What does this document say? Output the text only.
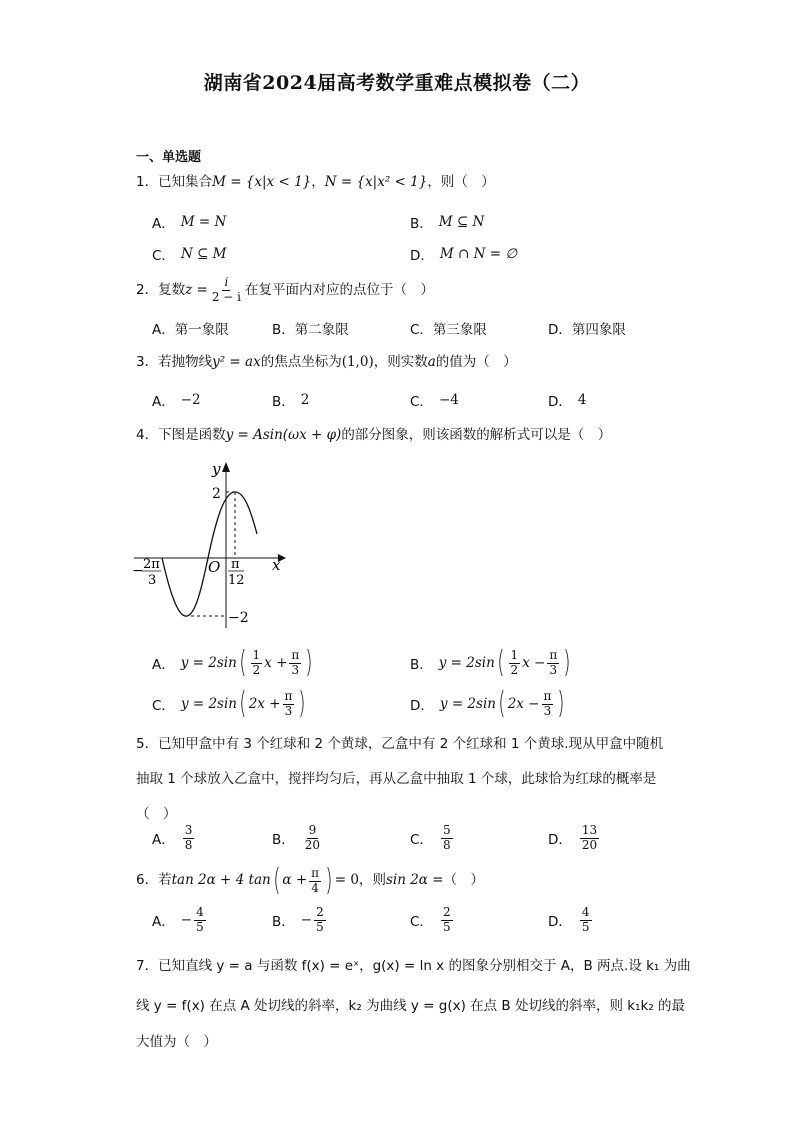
湖南省2024届高考数学重难点模拟卷（二）
一、单选题
1．已知集合M = {x|x < 1}，N = {x|x² < 1}，则（　）
A． M = N	B． M ⊆ N
C． N ⊆ M	D． M ∩ N = ∅
2．复数 $z = \frac{i}{2 - i}$ 在复平面内对应的点位于（　）
A．第一象限	B．第二象限	C．第三象限	D．第四象限
3．若抛物线y² = ax的焦点坐标为(1,0)，则实数a的值为（　）
A． −2	B． 2	C． −4	D． 4
4．下图是函数y = Asin(ωx + φ)的部分图象，则该函数的解析式可以是（　）
y
x
O
2
−2
π
12
− 2π
3
A． y = 2sin ( $\frac{1}{2}$ $x + \frac{\pi}{3}$ )	B． y = 2sin ( $\frac{1}{2}$ $x - \frac{\pi}{3}$ )
C． y = 2sin ( $2x + \frac{\pi}{3}$ )	D． y = 2sin ( $2x - \frac{\pi}{3}$ )
5．已知甲盒中有 3 个红球和 2 个黄球，乙盒中有 2 个红球和 1 个黄球.现从甲盒中随机抽取 1 个球放入乙盒中，搅拌均匀后，再从乙盒中抽取 1 个球，此球恰为红球的概率是（　）
A． $\frac{3}{8}$	B． $\frac{9}{20}$	C． $\frac{5}{8}$	D． $\frac{13}{20}$
6．若 tan 2α + 4 tan ( $\alpha + \frac{\pi}{4}$ ) = 0 ，则 sin 2α = （　）
A． − $\frac{4}{5}$	B． − $\frac{2}{5}$	C． $\frac{2}{5}$	D． $\frac{4}{5}$
7．已知直线 y = a 与函数 f(x) = eˣ，g(x) = ln x 的图象分别相交于 A，B 两点.设 k₁ 为曲
线 y = f(x) 在点 A 处切线的斜率，k₂ 为曲线 y = g(x) 在点 B 处切线的斜率，则 k₁k₂ 的最
大值为（　）
